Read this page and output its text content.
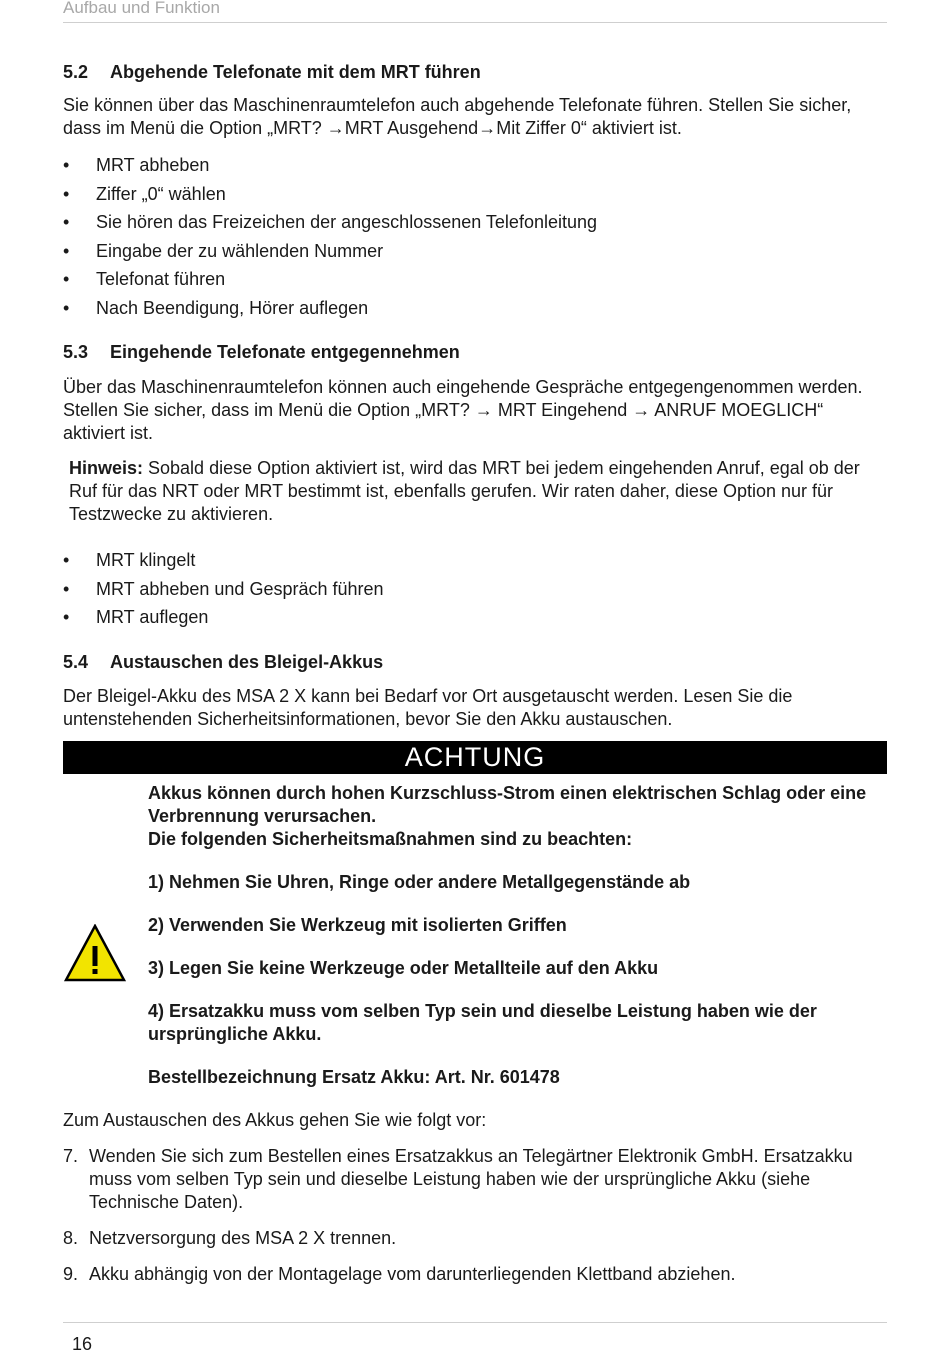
Aufbau und Funktion
5.2 Abgehende Telefonate mit dem MRT führen

Sie können über das Maschinenraumtelefon auch abgehende Telefonate führen. Stellen Sie sicher, dass im Menü die Option „MRT? →MRT Ausgehend→Mit Ziffer 0“ aktiviert ist.

• MRT abheben
• Ziffer „0“ wählen
• Sie hören das Freizeichen der angeschlossenen Telefonleitung
• Eingabe der zu wählenden Nummer
• Telefonat führen
• Nach Beendigung, Hörer auflegen
5.3 Eingehende Telefonate entgegennehmen

Über das Maschinenraumtelefon können auch eingehende Gespräche entgegengenommen werden. Stellen Sie sicher, dass im Menü die Option „MRT? → MRT Eingehend → ANRUF MOEGLICH“ aktiviert ist.

Hinweis: Sobald diese Option aktiviert ist, wird das MRT bei jedem eingehenden Anruf, egal ob der Ruf für das NRT oder MRT bestimmt ist, ebenfalls gerufen. Wir raten daher, diese Option nur für Testzwecke zu aktivieren.

• MRT klingelt
• MRT abheben und Gespräch führen
• MRT auflegen
5.4 Austauschen des Bleigel-Akkus

Der Bleigel-Akku des MSA 2 X kann bei Bedarf vor Ort ausgetauscht werden. Lesen Sie die untenstehenden Sicherheitsinformationen, bevor Sie den Akku austauschen.

ACHTUNG

Akkus können durch hohen Kurzschluss-Strom einen elektrischen Schlag oder eine Verbrennung verursachen.

Die folgenden Sicherheitsmaßnahmen sind zu beachten:

1) Nehmen Sie Uhren, Ringe oder andere Metallgegenstände ab

2) Verwenden Sie Werkzeug mit isolierten Griffen

3) Legen Sie keine Werkzeuge oder Metallteile auf den Akku

4) Ersatzakku muss vom selben Typ sein und dieselbe Leistung haben wie der ursprüngliche Akku.

Bestellbezeichnung Ersatz Akku: Art. Nr. 601478

Zum Austauschen des Akkus gehen Sie wie folgt vor:

7. Wenden Sie sich zum Bestellen eines Ersatzakkus an Telegärtner Elektronik GmbH. Ersatzakku muss vom selben Typ sein und dieselbe Leistung haben wie der ursprüngliche Akku (siehe Technische Daten).
8. Netzversorgung des MSA 2 X trennen.
9. Akku abhängig von der Montagelage vom darunterliegenden Klettband abziehen.
16
